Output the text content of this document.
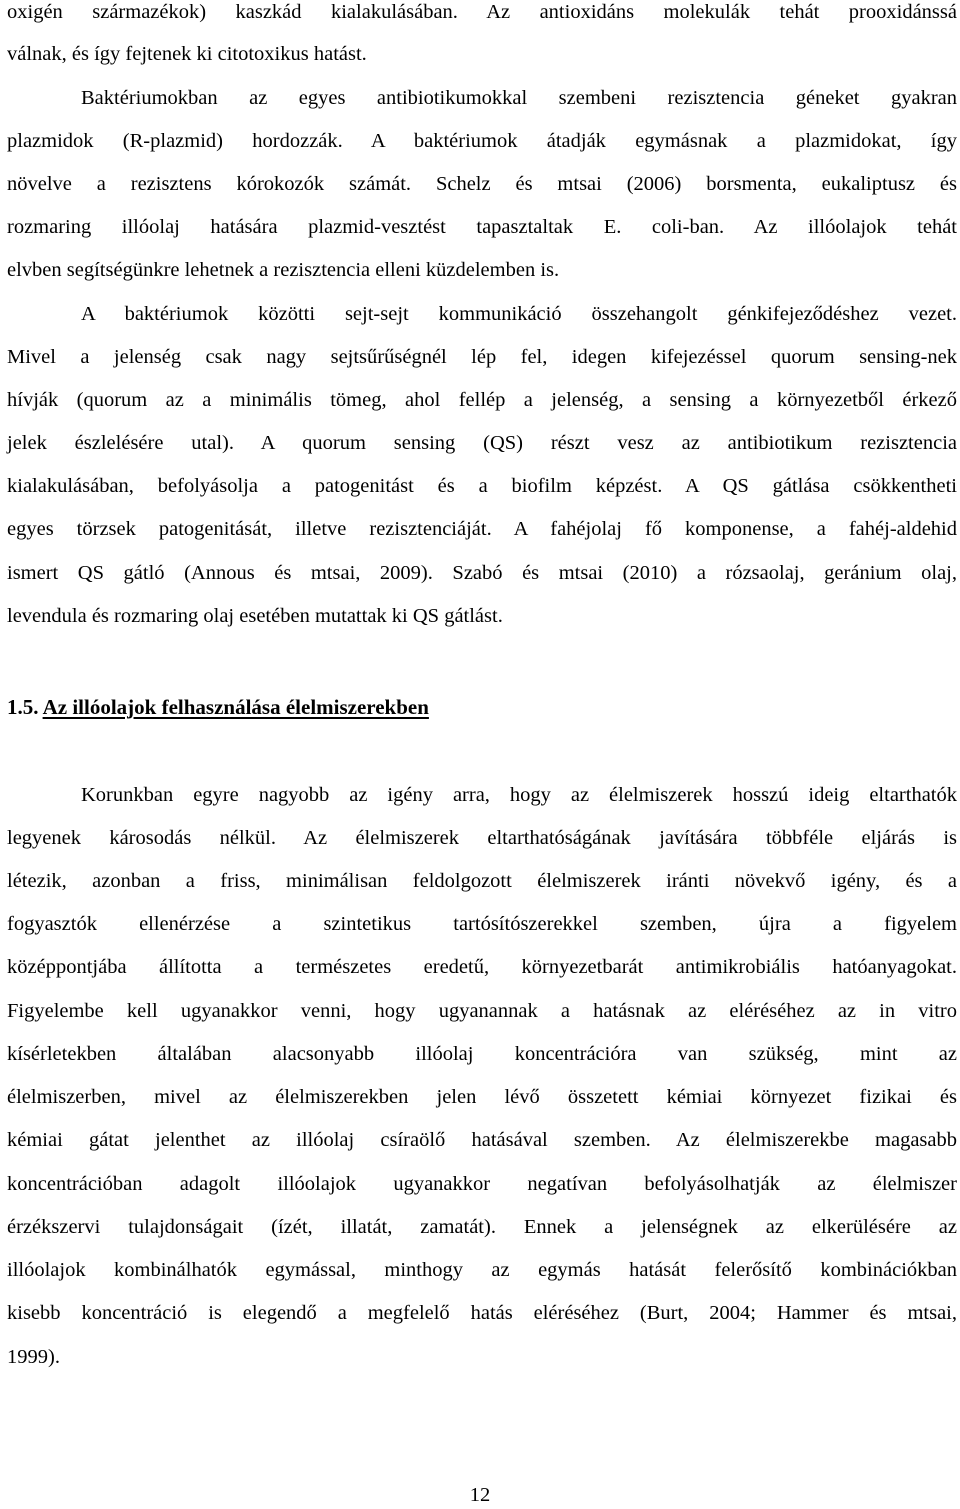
oxigén származékok) kaszkád kialakulásában. Az antioxidáns molekulák tehát prooxidánssá
válnak, és így fejtenek ki citotoxikus hatást.
Baktériumokban az egyes antibiotikumokkal szembeni rezisztencia géneket gyakran
plazmidok (R-plazmid) hordozzák. A baktériumok átadják egymásnak a plazmidokat, így
növelve a rezisztens kórokozók számát. Schelz és mtsai (2006) borsmenta, eukaliptusz és
rozmaring illóolaj hatására plazmid-vesztést tapasztaltak E. coli-ban. Az illóolajok tehát
elvben segítségünkre lehetnek a rezisztencia elleni küzdelemben is.
A baktériumok közötti sejt-sejt kommunikáció összehangolt génkifejeződéshez vezet.
Mivel a jelenség csak nagy sejtsűrűségnél lép fel, idegen kifejezéssel quorum sensing-nek
hívják (quorum az a minimális tömeg, ahol fellép a jelenség, a sensing a környezetből érkező
jelek észlelésére utal). A quorum sensing (QS) részt vesz az antibiotikum rezisztencia
kialakulásában, befolyásolja a patogenitást és a biofilm képzést. A QS gátlása csökkentheti
egyes törzsek patogenitását, illetve rezisztenciáját. A fahéjolaj fő komponense, a fahéj-aldehid
ismert QS gátló (Annous és mtsai, 2009). Szabó és mtsai (2010) a rózsaolaj, geránium olaj,
levendula és rozmaring olaj esetében mutattak ki QS gátlást.
1.5. Az illóolajok felhasználása élelmiszerekben
Korunkban egyre nagyobb az igény arra, hogy az élelmiszerek hosszú ideig eltarthatók
legyenek károsodás nélkül. Az élelmiszerek eltarthatóságának javítására többféle eljárás is
létezik, azonban a friss, minimálisan feldolgozott élelmiszerek iránti növekvő igény, és a
fogyasztók ellenérzése a szintetikus tartósítószerekkel szemben, újra a figyelem
középpontjába állította a természetes eredetű, környezetbarát antimikrobiális hatóanyagokat.
Figyelembe kell ugyanakkor venni, hogy ugyanannak a hatásnak az eléréséhez az in vitro
kísérletekben általában alacsonyabb illóolaj koncentrációra van szükség, mint az
élelmiszerben, mivel az élelmiszerekben jelen lévő összetett kémiai környezet fizikai és
kémiai gátat jelenthet az illóolaj csíraölő hatásával szemben. Az élelmiszerekbe magasabb
koncentrációban adagolt illóolajok ugyanakkor negatívan befolyásolhatják az élelmiszer
érzékszervi tulajdonságait (ízét, illatát, zamatát). Ennek a jelenségnek az elkerülésére az
illóolajok kombinálhatók egymással, minthogy az egymás hatását felerősítő kombinációkban
kisebb koncentráció is elegendő a megfelelő hatás eléréséhez (Burt, 2004; Hammer és mtsai,
1999).
12
